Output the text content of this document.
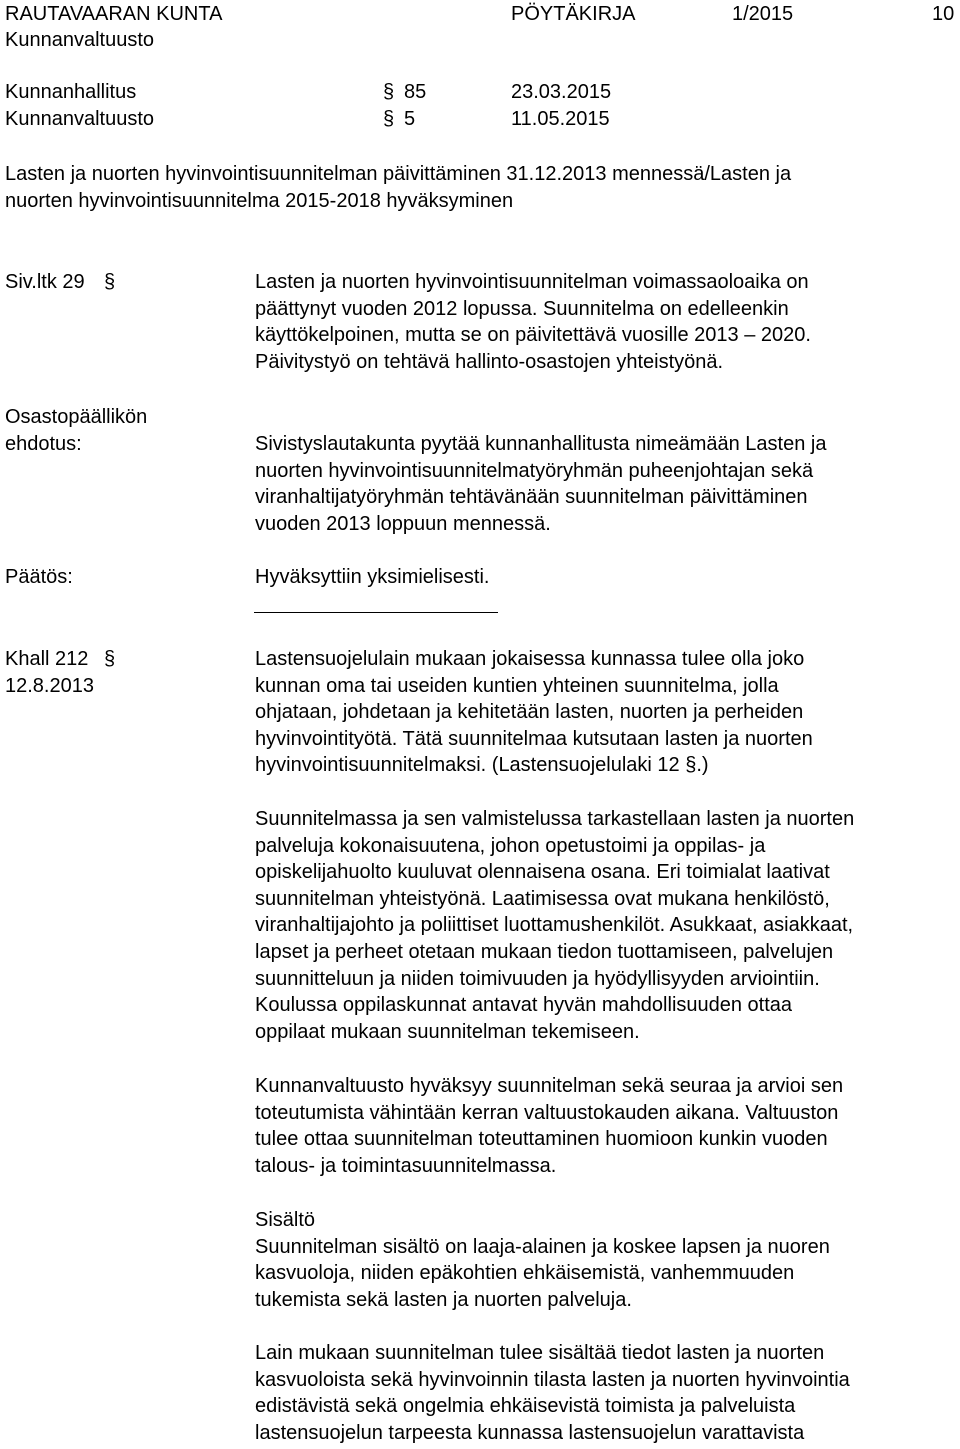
RAUTAVAARAN KUNTA	PÖYTÄKIRJA	1/2015	10
Kunnanvaltuusto
Kunnanhallitus	§ 85	23.03.2015
Kunnanvaltuusto	§ 5	11.05.2015
Lasten ja nuorten hyvinvointisuunnitelman päivittäminen 31.12.2013 mennessä/Lasten ja
nuorten hyvinvointisuunnitelma 2015-2018 hyväksyminen
Siv.ltk 29 §	Lasten ja nuorten hyvinvointisuunnitelman voimassaoloaika on
päättynyt vuoden 2012 lopussa. Suunnitelma on edelleenkin
käyttökelpoinen, mutta se on päivitettävä vuosille 2013 – 2020.
Päivitystyö on tehtävä hallinto-osastojen yhteistyönä.
Osastopäällikön
ehdotus:	Sivistyslautakunta pyytää kunnanhallitusta nimeämään Lasten ja
nuorten hyvinvointisuunnitelmatyöryhmän puheenjohtajan sekä
viranhaltijatyöryhmän tehtävänään suunnitelman päivittäminen
vuoden 2013 loppuun mennessä.
Päätös:	Hyväksyttiin yksimielisesti.
Khall 212 §
12.8.2013
Lastensuojelulain mukaan jokaisessa kunnassa tulee olla joko
kunnan oma tai useiden kuntien yhteinen suunnitelma, jolla
ohjataan, johdetaan ja kehitetään lasten, nuorten ja perheiden
hyvinvointityötä. Tätä suunnitelmaa kutsutaan lasten ja nuorten
hyvinvointisuunnitelmaksi. (Lastensuojelulaki 12 §.)
Suunnitelmassa ja sen valmistelussa tarkastellaan lasten ja nuorten
palveluja kokonaisuutena, johon opetustoimi ja oppilas- ja
opiskelijahuolto kuuluvat olennaisena osana. Eri toimialat laativat
suunnitelman yhteistyönä. Laatimisessa ovat mukana henkilöstö,
viranhaltijajohto ja poliittiset luottamushenkilöt. Asukkaat, asiakkaat,
lapset ja perheet otetaan mukaan tiedon tuottamiseen, palvelujen
suunnitteluun ja niiden toimivuuden ja hyödyllisyyden arviointiin.
Koulussa oppilaskunnat antavat hyvän mahdollisuuden ottaa
oppilaat mukaan suunnitelman tekemiseen.
Kunnanvaltuusto hyväksyy suunnitelman sekä seuraa ja arvioi sen
toteutumista vähintään kerran valtuustokauden aikana. Valtuuston
tulee ottaa suunnitelman toteuttaminen huomioon kunkin vuoden
talous- ja toimintasuunnitelmassa.
Sisältö
Suunnitelman sisältö on laaja-alainen ja koskee lapsen ja nuoren
kasvuoloja, niiden epäkohtien ehkäisemistä, vanhemmuuden
tukemista sekä lasten ja nuorten palveluja.
Lain mukaan suunnitelman tulee sisältää tiedot lasten ja nuorten
kasvuoloista sekä hyvinvoinnin tilasta lasten ja nuorten hyvinvointia
edistävistä sekä ongelmia ehkäisevistä toimista ja palveluista
lastensuojelun tarpeesta kunnassa lastensuojelun varattavista
